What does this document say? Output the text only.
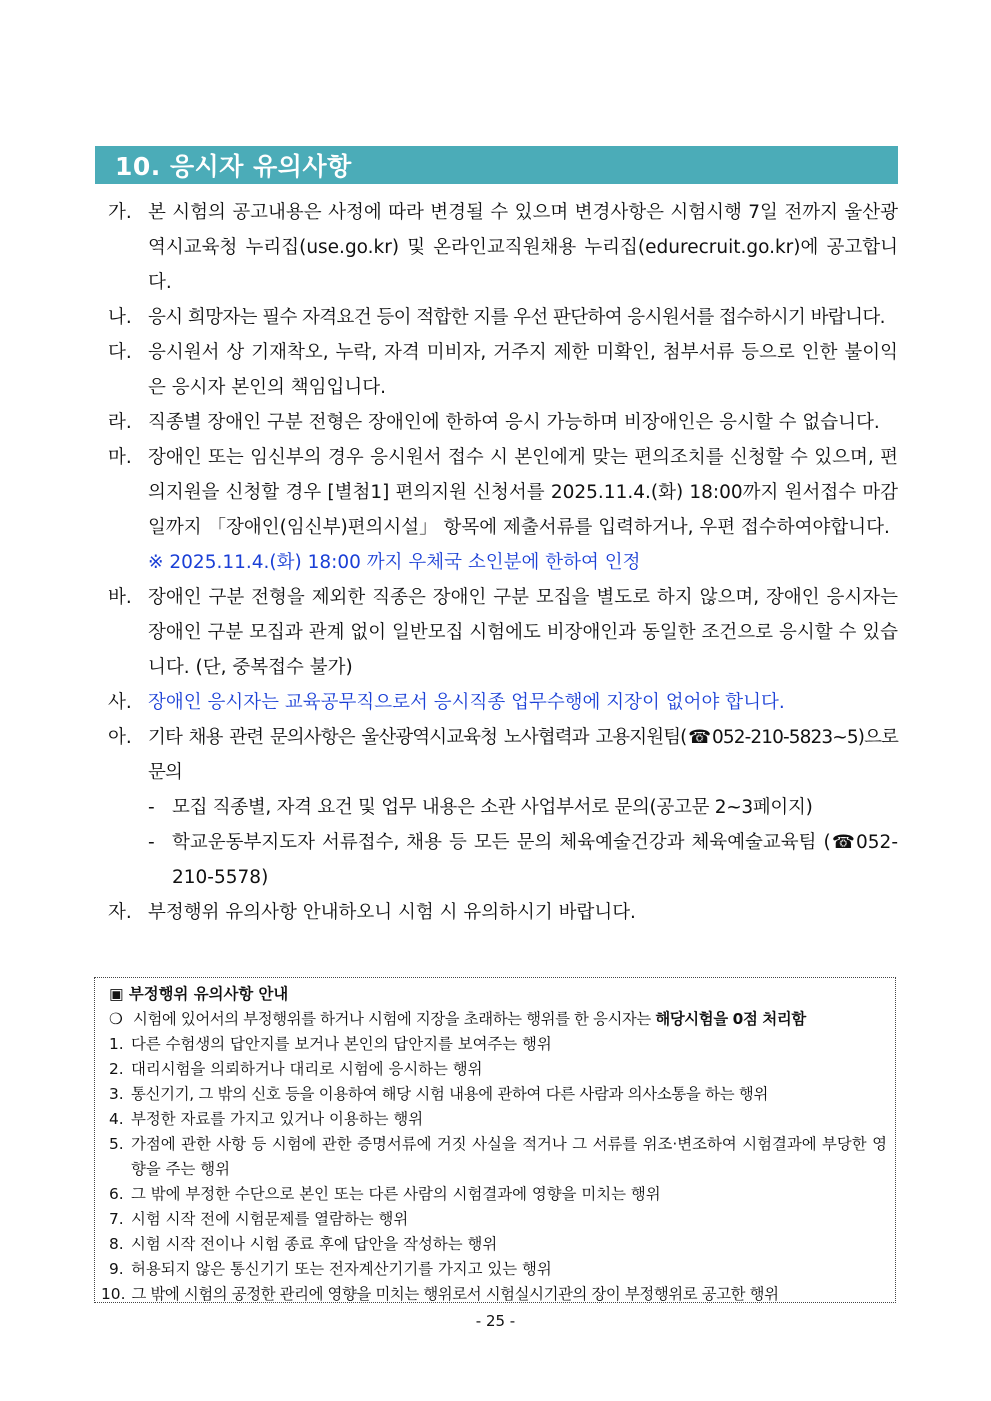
10. 응시자 유의사항
가. 본 시험의 공고내용은 사정에 따라 변경될 수 있으며 변경사항은 시험시행 7일 전까지 울산광역시교육청 누리집(use.go.kr) 및 온라인교직원채용 누리집(edurecruit.go.kr)에 공고합니다.
나. 응시 희망자는 필수 자격요건 등이 적합한 지를 우선 판단하여 응시원서를 접수하시기 바랍니다.
다. 응시원서 상 기재착오, 누락, 자격 미비자, 거주지 제한 미확인, 첨부서류 등으로 인한 불이익은 응시자 본인의 책임입니다.
라. 직종별 장애인 구분 전형은 장애인에 한하여 응시 가능하며 비장애인은 응시할 수 없습니다.
마. 장애인 또는 임신부의 경우 응시원서 접수 시 본인에게 맞는 편의조치를 신청할 수 있으며, 편의지원을 신청할 경우 [별첨1] 편의지원 신청서를 2025.11.4.(화) 18:00까지 원서접수 마감일까지 「장애인(임신부)편의시설」 항목에 제출서류를 입력하거나, 우편 접수하여야합니다.
※ 2025.11.4.(화) 18:00 까지 우체국 소인분에 한하여 인정
바. 장애인 구분 전형을 제외한 직종은 장애인 구분 모집을 별도로 하지 않으며, 장애인 응시자는 장애인 구분 모집과 관계 없이 일반모집 시험에도 비장애인과 동일한 조건으로 응시할 수 있습니다. (단, 중복접수 불가)
사. 장애인 응시자는 교육공무직으로서 응시직종 업무수행에 지장이 없어야 합니다.
아. 기타 채용 관련 문의사항은 울산광역시교육청 노사협력과 고용지원팀(☎052-210-5823~5)으로 문의
- 모집 직종별, 자격 요건 및 업무 내용은 소관 사업부서로 문의(공고문 2~3페이지)
- 학교운동부지도자 서류접수, 채용 등 모든 문의 체육예술건강과 체육예술교육팀 (☎052-210-5578)
자. 부정행위 유의사항 안내하오니 시험 시 유의하시기 바랍니다.
▣ 부정행위 유의사항 안내
❍ 시험에 있어서의 부정행위를 하거나 시험에 지장을 초래하는 행위를 한 응시자는 해당시험을 0점 처리함
1. 다른 수험생의 답안지를 보거나 본인의 답안지를 보여주는 행위
2. 대리시험을 의뢰하거나 대리로 시험에 응시하는 행위
3. 통신기기, 그 밖의 신호 등을 이용하여 해당 시험 내용에 관하여 다른 사람과 의사소통을 하는 행위
4. 부정한 자료를 가지고 있거나 이용하는 행위
5. 가점에 관한 사항 등 시험에 관한 증명서류에 거짓 사실을 적거나 그 서류를 위조‧변조하여 시험결과에 부당한 영향을 주는 행위
6. 그 밖에 부정한 수단으로 본인 또는 다른 사람의 시험결과에 영향을 미치는 행위
7. 시험 시작 전에 시험문제를 열람하는 행위
8. 시험 시작 전이나 시험 종료 후에 답안을 작성하는 행위
9. 허용되지 않은 통신기기 또는 전자계산기기를 가지고 있는 행위
10. 그 밖에 시험의 공정한 관리에 영향을 미치는 행위로서 시험실시기관의 장이 부정행위로 공고한 행위
- 25 -
